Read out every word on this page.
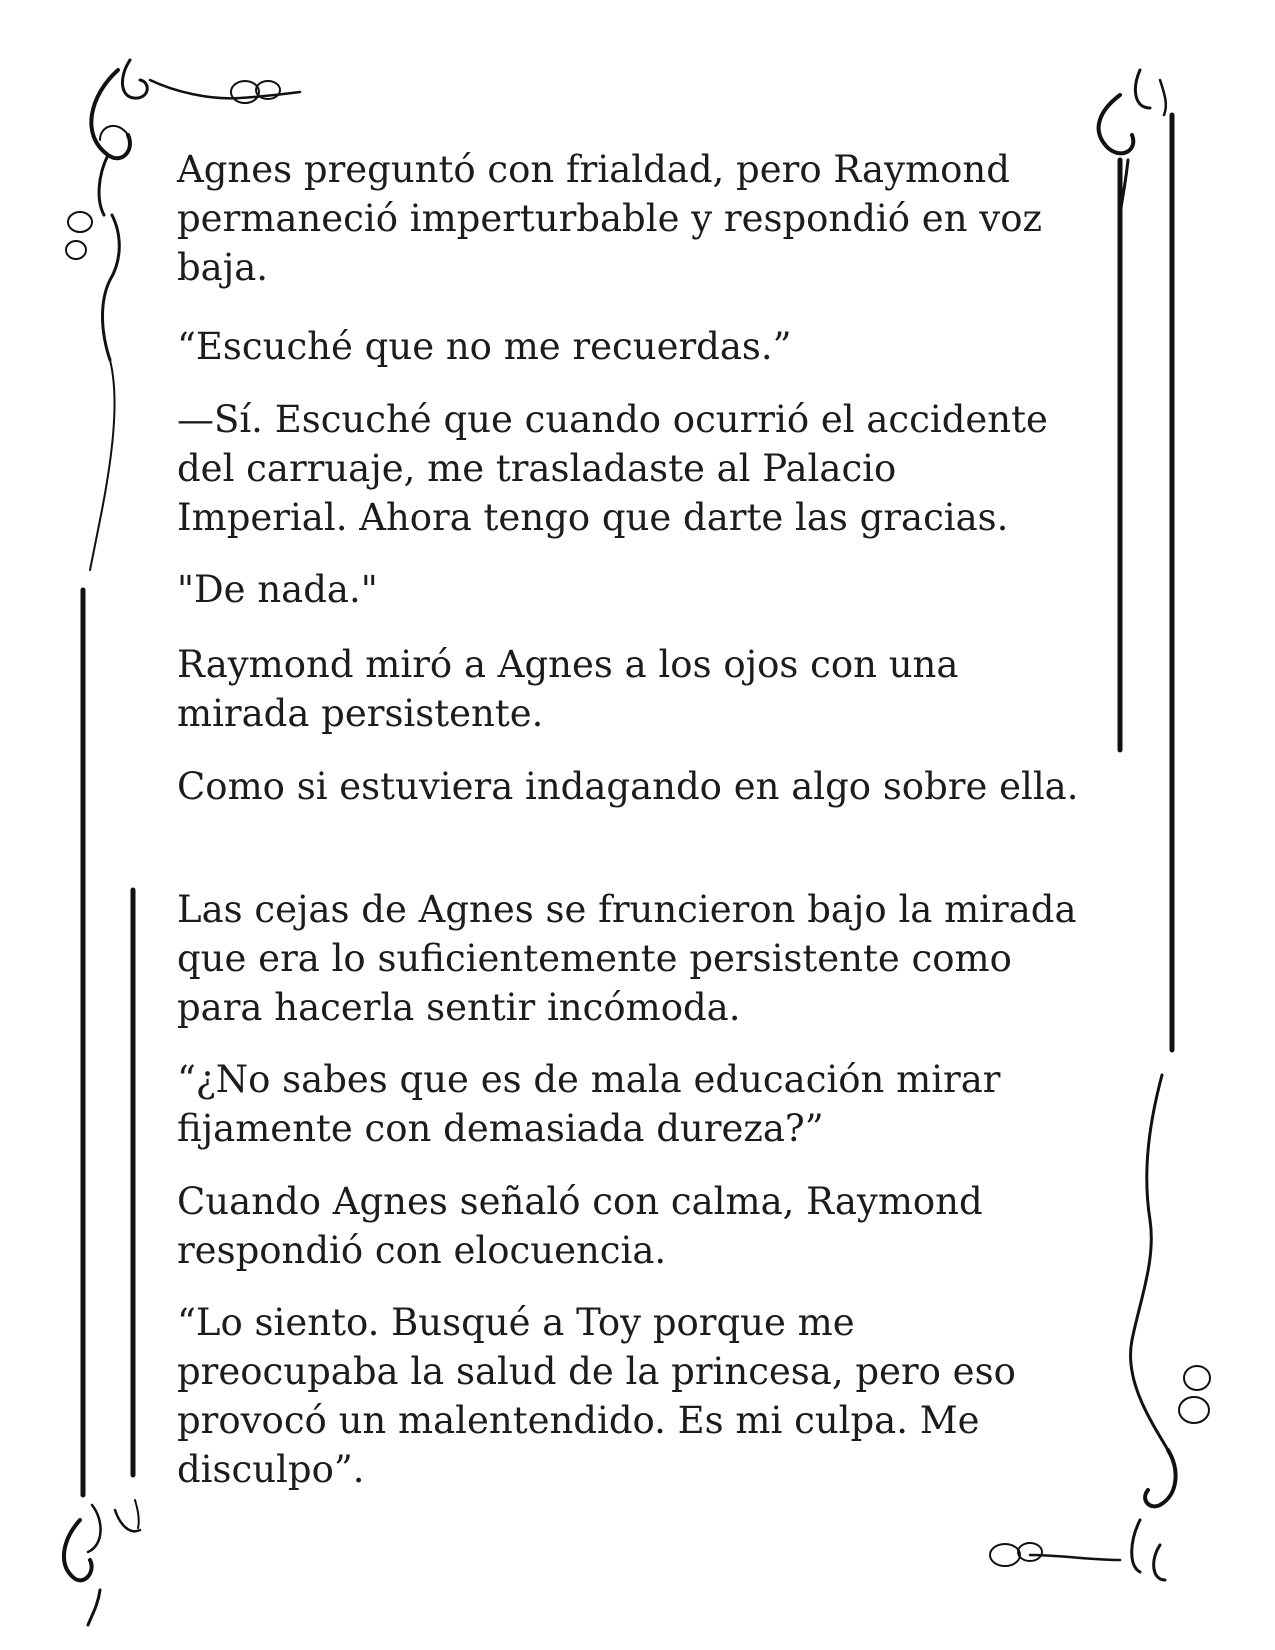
Agnes preguntó con frialdad, pero Raymond
permaneció imperturbable y respondió en voz
baja.

“Escuché que no me recuerdas.”

—Sí. Escuché que cuando ocurrió el accidente
del carruaje, me trasladaste al Palacio
Imperial. Ahora tengo que darte las gracias.

"De nada."

Raymond miró a Agnes a los ojos con una
mirada persistente.

Como si estuviera indagando en algo sobre ella.

Las cejas de Agnes se fruncieron bajo la mirada
que era lo suficientemente persistente como
para hacerla sentir incómoda.

“¿No sabes que es de mala educación mirar
fijamente con demasiada dureza?”

Cuando Agnes señaló con calma, Raymond
respondió con elocuencia.

“Lo siento. Busqué a Toy porque me
preocupaba la salud de la princesa, pero eso
provocó un malentendido. Es mi culpa. Me
disculpo”.
